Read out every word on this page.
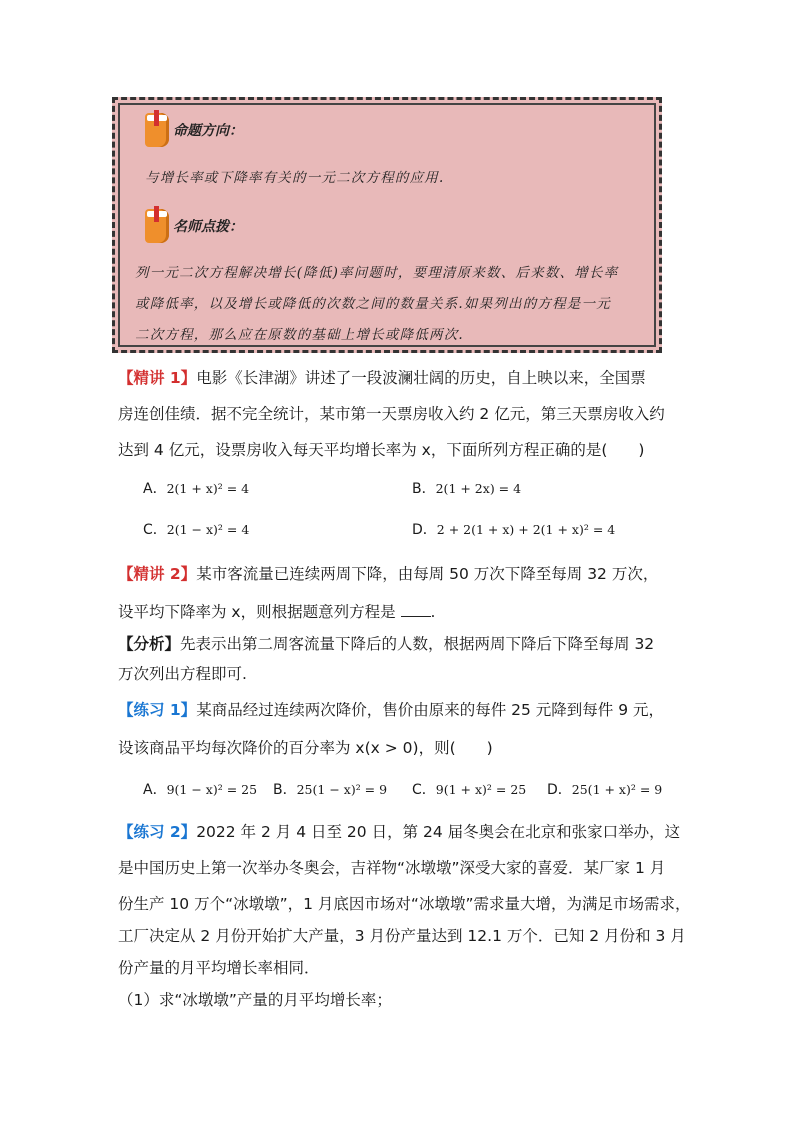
命题方向：
与增长率或下降率有关的一元二次方程的应用.
名师点拨：
列一元二次方程解决增长(降低)率问题时，要理清原来数、后来数、增长率
或降低率，以及增长或降低的次数之间的数量关系.如果列出的方程是一元
二次方程，那么应在原数的基础上增长或降低两次.
【精讲 1】电影《长津湖》讲述了一段波澜壮阔的历史，自上映以来，全国票
房连创佳绩．据不完全统计，某市第一天票房收入约 2 亿元，第三天票房收入约
达到 4 亿元，设票房收入每天平均增长率为 x，下面所列方程正确的是(　　)
A．2(1 + x)² = 4	B．2(1 + 2x) = 4
C．2(1 − x)² = 4	D．2 + 2(1 + x) + 2(1 + x)² = 4
【精讲 2】某市客流量已连续两周下降，由每周 50 万次下降至每周 32 万次，
设平均下降率为 x，则根据题意列方程是 .
【分析】先表示出第二周客流量下降后的人数，根据两周下降后下降至每周 32
万次列出方程即可.
【练习 1】某商品经过连续两次降价，售价由原来的每件 25 元降到每件 9 元，
设该商品平均每次降价的百分率为 x(x > 0)，则(　　)
A．9(1 − x)² = 25 B．25(1 − x)² = 9 C．9(1 + x)² = 25 D．25(1 + x)² = 9
【练习 2】2022 年 2 月 4 日至 20 日，第 24 届冬奥会在北京和张家口举办，这
是中国历史上第一次举办冬奥会，吉祥物“冰墩墩”深受大家的喜爱．某厂家 1 月
份生产 10 万个“冰墩墩”，1 月底因市场对“冰墩墩”需求量大增，为满足市场需求，
工厂决定从 2 月份开始扩大产量，3 月份产量达到 12.1 万个．已知 2 月份和 3 月
份产量的月平均增长率相同．
（1）求“冰墩墩”产量的月平均增长率；
